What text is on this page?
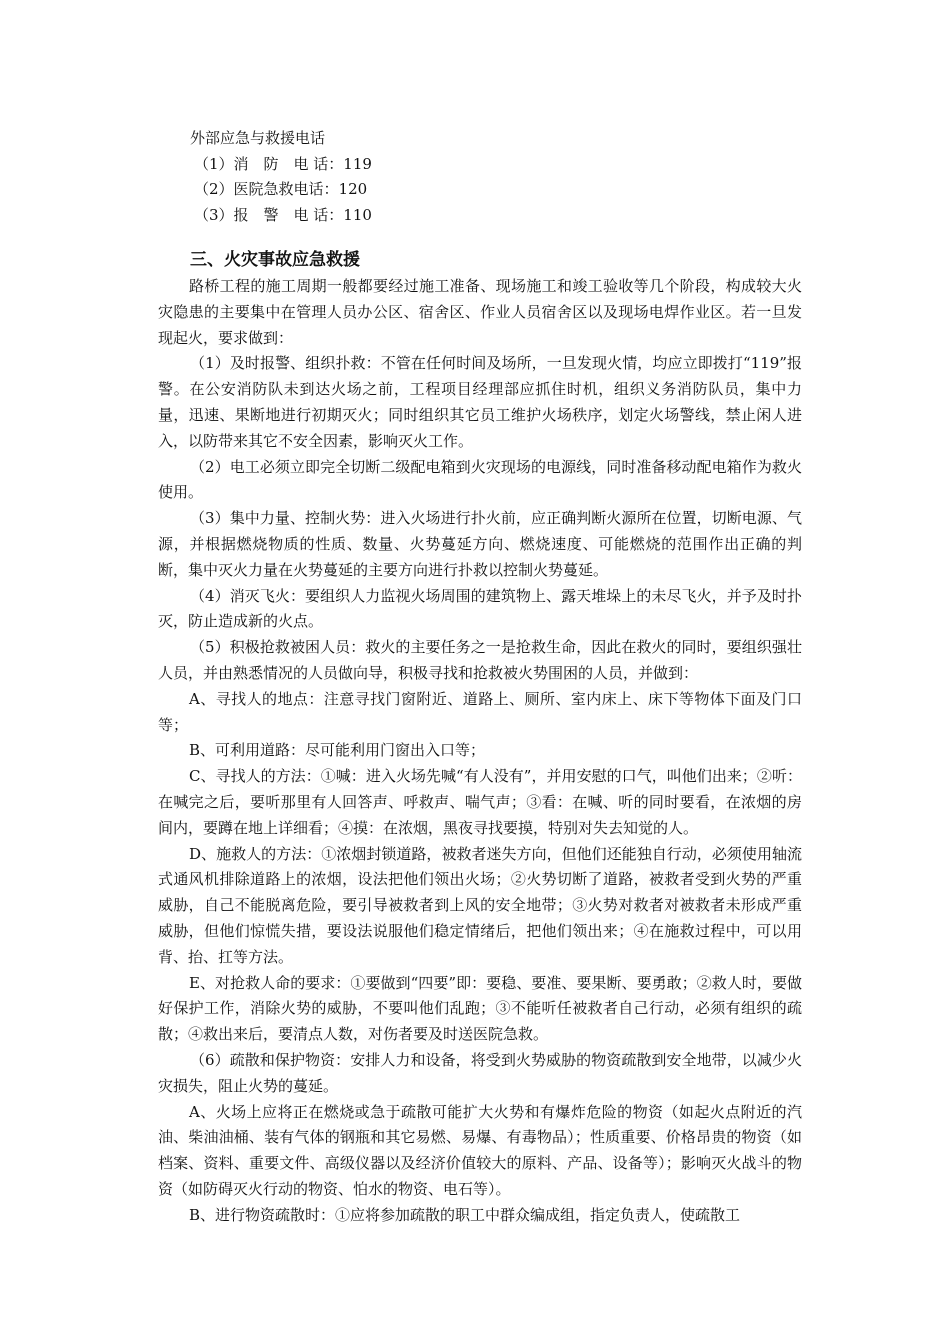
外部应急与救援电话
（1）消　防　电 话：119
（2）医院急救电话：120
（3）报　警　电 话：110
三、火灾事故应急救援

路桥工程的施工周期一般都要经过施工准备、现场施工和竣工验收等几个阶段，构成较大火灾隐患的主要集中在管理人员办公区、宿舍区、作业人员宿舍区以及现场电焊作业区。若一旦发现起火，要求做到：

（1）及时报警、组织扑救：不管在任何时间及场所，一旦发现火情，均应立即拨打“119”报警。在公安消防队未到达火场之前，工程项目经理部应抓住时机，组织义务消防队员，集中力量，迅速、果断地进行初期灭火；同时组织其它员工维护火场秩序，划定火场警线，禁止闲人进入，以防带来其它不安全因素，影响灭火工作。

（2）电工必须立即完全切断二级配电箱到火灾现场的电源线，同时准备移动配电箱作为救火使用。

（3）集中力量、控制火势：进入火场进行扑火前，应正确判断火源所在位置，切断电源、气源，并根据燃烧物质的性质、数量、火势蔓延方向、燃烧速度、可能燃烧的范围作出正确的判断，集中灭火力量在火势蔓延的主要方向进行扑救以控制火势蔓延。

（4）消灭飞火：要组织人力监视火场周围的建筑物上、露天堆垛上的未尽飞火，并予及时扑灭，防止造成新的火点。

（5）积极抢救被困人员：救火的主要任务之一是抢救生命，因此在救火的同时，要组织强壮人员，并由熟悉情况的人员做向导，积极寻找和抢救被火势围困的人员，并做到：

A、寻找人的地点：注意寻找门窗附近、道路上、厕所、室内床上、床下等物体下面及门口等；

B、可利用道路：尽可能利用门窗出入口等；

C、寻找人的方法：①喊：进入火场先喊“有人没有”，并用安慰的口气，叫他们出来；②听：在喊完之后，要听那里有人回答声、呼救声、喘气声；③看：在喊、听的同时要看，在浓烟的房间内，要蹲在地上详细看；④摸：在浓烟，黑夜寻找要摸，特别对失去知觉的人。

D、施救人的方法：①浓烟封锁道路，被救者迷失方向，但他们还能独自行动，必须使用轴流式通风机排除道路上的浓烟，设法把他们领出火场；②火势切断了道路，被救者受到火势的严重威胁，自己不能脱离危险，要引导被救者到上风的安全地带；③火势对救者对被救者未形成严重威胁，但他们惊慌失措，要设法说服他们稳定情绪后，把他们领出来；④在施救过程中，可以用背、抬、扛等方法。

E、对抢救人命的要求：①要做到“四要”即：要稳、要准、要果断、要勇敢；②救人时，要做好保护工作，消除火势的威胁，不要叫他们乱跑；③不能听任被救者自己行动，必须有组织的疏散；④救出来后，要清点人数，对伤者要及时送医院急救。

（6）疏散和保护物资：安排人力和设备，将受到火势威胁的物资疏散到安全地带，以减少火灾损失，阻止火势的蔓延。

A、火场上应将正在燃烧或急于疏散可能扩大火势和有爆炸危险的物资（如起火点附近的汽油、柴油油桶、装有气体的钢瓶和其它易燃、易爆、有毒物品）；性质重要、价格昂贵的物资（如档案、资料、重要文件、高级仪器以及经济价值较大的原料、产品、设备等）；影响灭火战斗的物资（如防碍灭火行动的物资、怕水的物资、电石等）。

B、进行物资疏散时：①应将参加疏散的职工中群众编成组，指定负责人，使疏散工
